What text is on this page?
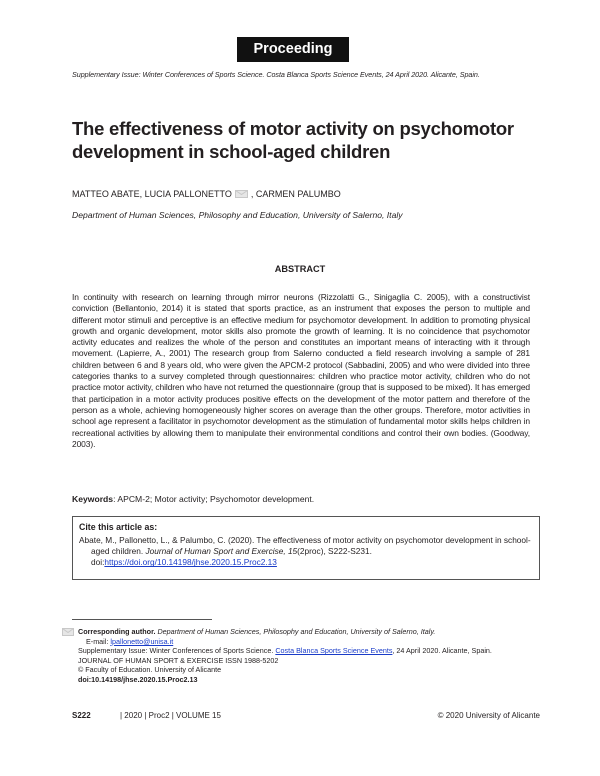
Proceeding
Supplementary Issue: Winter Conferences of Sports Science. Costa Blanca Sports Science Events, 24 April 2020. Alicante, Spain.
The effectiveness of motor activity on psychomotor development in school-aged children
MATTEO ABATE, LUCIA PALLONETTO , CARMEN PALUMBO
Department of Human Sciences, Philosophy and Education, University of Salerno, Italy
ABSTRACT
In continuity with research on learning through mirror neurons (Rizzolatti G., Sinigaglia C. 2005), with a constructivist conviction (Bellantonio, 2014) it is stated that sports practice, as an instrument that exposes the person to multiple and different motor stimuli and perceptive is an effective medium for psychomotor development. In addition to promoting physical growth and organic development, motor skills also promote the growth of learning. It is no coincidence that psychomotor activity educates and realizes the whole of the person and constitutes an important means of interacting with it through movement. (Lapierre, A., 2001) The research group from Salerno conducted a field research involving a sample of 281 children between 6 and 8 years old, who were given the APCM-2 protocol (Sabbadini, 2005) and who were divided into three categories thanks to a survey completed through questionnaires: children who practice motor activity, children who do not practice motor activity, children who have not returned the questionnaire (group that is supposed to be mixed). It has emerged that participation in a motor activity produces positive effects on the development of the motor pattern and therefore of the person as a whole, achieving homogeneously higher scores on average than the other groups. Therefore, motor activities in school age represent a facilitator in psychomotor development as the stimulation of fundamental motor skills helps children in recreational activities by allowing them to manipulate their environmental conditions and control their own bodies. (Goodway, 2003).
Keywords: APCM-2; Motor activity; Psychomotor development.
Cite this article as:
Abate, M., Pallonetto, L., & Palumbo, C. (2020). The effectiveness of motor activity on psychomotor development in school-aged children. Journal of Human Sport and Exercise, 15(2proc), S222-S231. doi:https://doi.org/10.14198/jhse.2020.15.Proc2.13
Corresponding author. Department of Human Sciences, Philosophy and Education, University of Salerno, Italy.
E-mail: lpallonetto@unisa.it
Supplementary Issue: Winter Conferences of Sports Science. Costa Blanca Sports Science Events, 24 April 2020. Alicante, Spain.
JOURNAL OF HUMAN SPORT & EXERCISE ISSN 1988-5202
© Faculty of Education. University of Alicante
doi:10.14198/jhse.2020.15.Proc2.13
S222	| 2020 | Proc2 | VOLUME 15	© 2020 University of Alicante
